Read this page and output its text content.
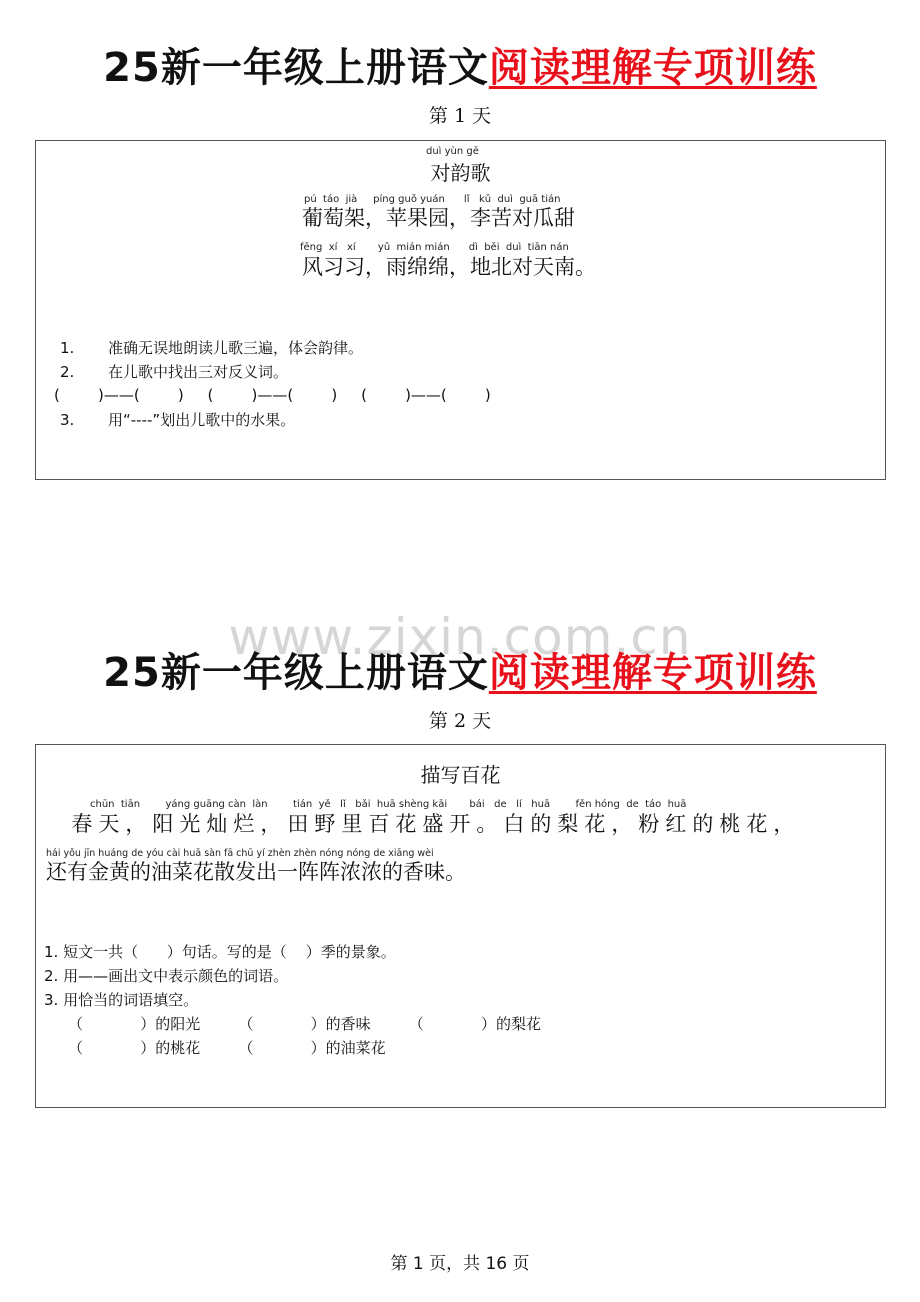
25新一年级上册语文阅读理解专项训练
第 1 天
duì yùn gē
对韵歌
pú  táo  jià     píng guǒ yuán      lǐ   kǔ  duì  guā tián
葡萄架，苹果园，李苦对瓜甜
fēng  xí   xí       yǔ  mián mián      dì  běi  duì  tiān nán
风习习，雨绵绵，地北对天南。
1. 准确无误地朗读儿歌三遍，体会韵律。
2. 在儿歌中找出三对反义词。
(        )——(        )     (        )——(        )     (        )——(        )
3. 用“----”划出儿歌中的水果。
www.zixin.com.cn
25新一年级上册语文阅读理解专项训练
第 2 天
描写百花
chūn  tiān        yáng guāng càn  làn        tián  yě   lǐ   bǎi  huā shèng kāi       bái   de   lí   huā        fěn hóng  de  táo  huā
春天，阳光灿烂，田野里百花盛开。白的梨花，粉红的桃花，
hái yǒu jīn huáng de yóu cài huā sàn fā chū yí zhèn zhèn nóng nóng de xiāng wèi
还有金黄的油菜花散发出一阵阵浓浓的香味。
1. 短文一共（      ）句话。写的是（    ）季的景象。
2. 用——画出文中表示颜色的词语。
3. 用恰当的词语填空。
（            ）的阳光        （            ）的香味        （            ）的梨花
（            ）的桃花        （            ）的油菜花
第 1 页，共 16 页
